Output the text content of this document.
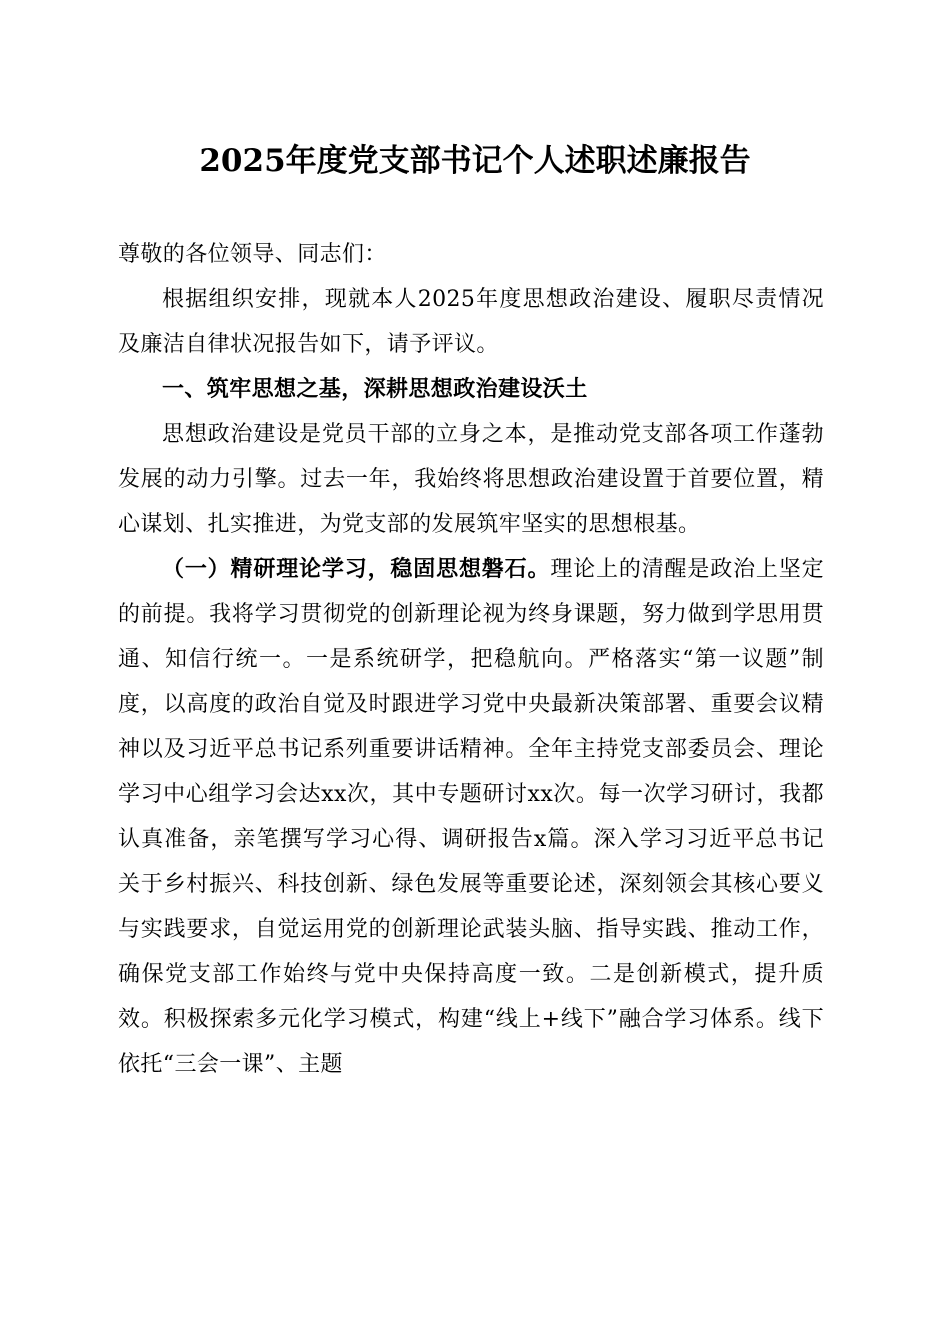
2025年度党支部书记个人述职述廉报告

尊敬的各位领导、同志们：

根据组织安排，现就本人2025年度思想政治建设、履职尽责情况及廉洁自律状况报告如下，请予评议。

一、筑牢思想之基，深耕思想政治建设沃土

思想政治建设是党员干部的立身之本，是推动党支部各项工作蓬勃发展的动力引擎。过去一年，我始终将思想政治建设置于首要位置，精心谋划、扎实推进，为党支部的发展筑牢坚实的思想根基。

（一）精研理论学习，稳固思想磐石。理论上的清醒是政治上坚定的前提。我将学习贯彻党的创新理论视为终身课题，努力做到学思用贯通、知信行统一。一是系统研学，把稳航向。严格落实“第一议题”制度，以高度的政治自觉及时跟进学习党中央最新决策部署、重要会议精神以及习近平总书记系列重要讲话精神。全年主持党支部委员会、理论学习中心组学习会达xx次，其中专题研讨xx次。每一次学习研讨，我都认真准备，亲笔撰写学习心得、调研报告x篇。深入学习习近平总书记关于乡村振兴、科技创新、绿色发展等重要论述，深刻领会其核心要义与实践要求，自觉运用党的创新理论武装头脑、指导实践、推动工作，确保党支部工作始终与党中央保持高度一致。二是创新模式，提升质效。积极探索多元化学习模式，构建“线上+线下”融合学习体系。线下依托“三会一课”、主题
